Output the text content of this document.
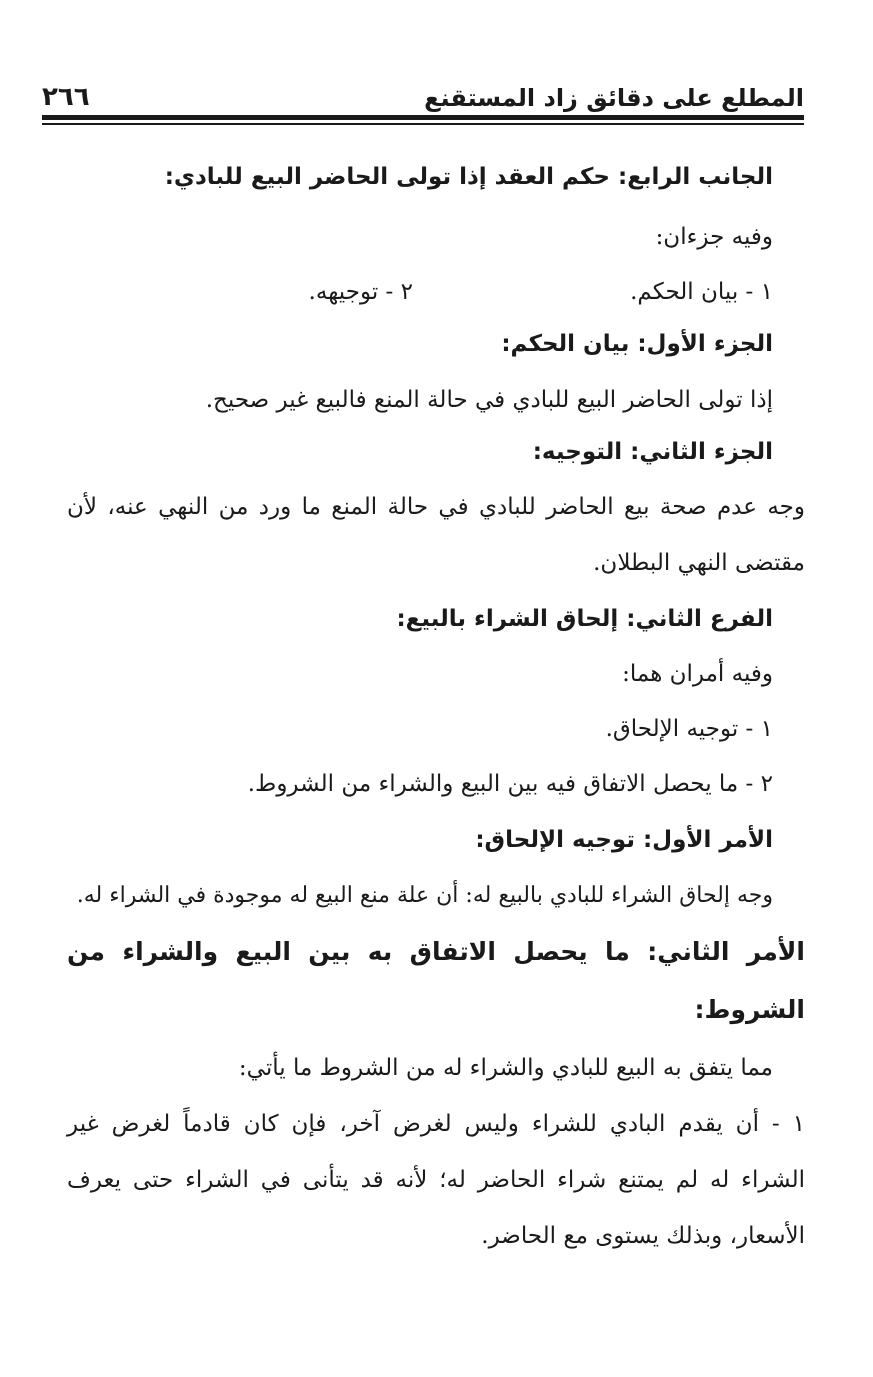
المطلع على دقائق زاد المستقنع
٢٦٦
الجانب الرابع: حكم العقد إذا تولى الحاضر البيع للبادي:
وفيه جزءان:
١ - بيان الحكم.
٢ - توجيهه.
الجزء الأول: بيان الحكم:
إذا تولى الحاضر البيع للبادي في حالة المنع فالبيع غير صحيح.
الجزء الثاني: التوجيه:
وجه عدم صحة بيع الحاضر للبادي في حالة المنع ما ورد من النهي عنه، لأن
مقتضى النهي البطلان.
الفرع الثاني: إلحاق الشراء بالبيع:
وفيه أمران هما:
١ - توجيه الإلحاق.
٢ - ما يحصل الاتفاق فيه بين البيع والشراء من الشروط.
الأمر الأول: توجيه الإلحاق:
وجه إلحاق الشراء للبادي بالبيع له: أن علة منع البيع له موجودة في الشراء له.
الأمر الثاني: ما يحصل الاتفاق به بين البيع والشراء من
الشروط:
مما يتفق به البيع للبادي والشراء له من الشروط ما يأتي:
١ - أن يقدم البادي للشراء وليس لغرض آخر، فإن كان قادماً لغرض غير
الشراء له لم يمتنع شراء الحاضر له؛ لأنه قد يتأنى في الشراء حتى يعرف
الأسعار، وبذلك يستوى مع الحاضر.
